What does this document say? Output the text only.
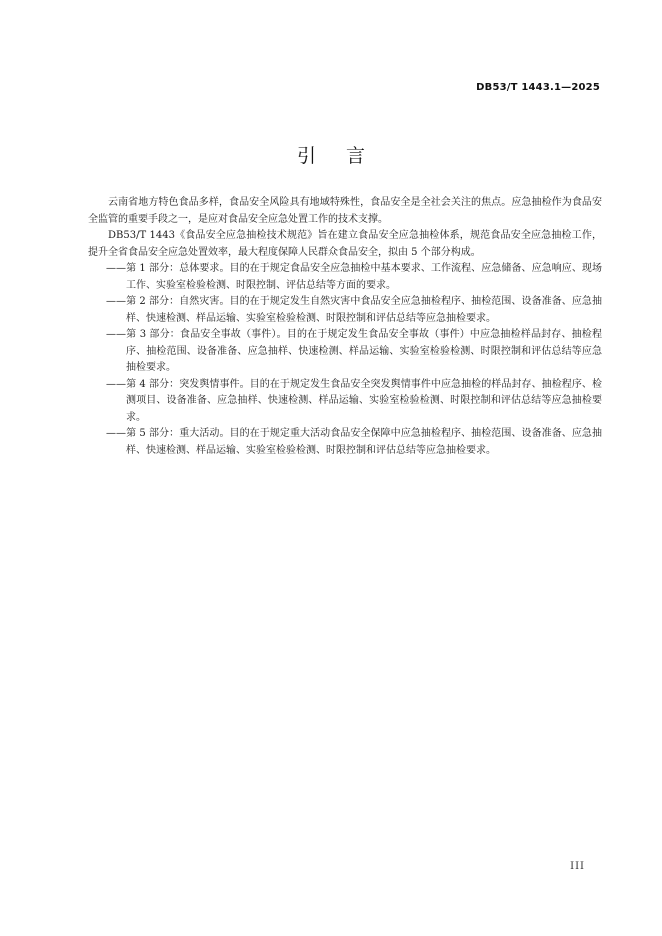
DB53/T 1443.1—2025
引言

云南省地方特色食品多样，食品安全风险具有地域特殊性，食品安全是全社会关注的焦点。应急抽检作为食品安全监管的重要手段之一，是应对食品安全应急处置工作的技术支撑。

DB53/T 1443《食品安全应急抽检技术规范》旨在建立食品安全应急抽检体系，规范食品安全应急抽检工作，提升全省食品安全应急处置效率，最大程度保障人民群众食品安全，拟由 5 个部分构成。

——第 1 部分：总体要求。目的在于规定食品安全应急抽检中基本要求、工作流程、应急储备、应急响应、现场工作、实验室检验检测、时限控制、评估总结等方面的要求。

——第 2 部分：自然灾害。目的在于规定发生自然灾害中食品安全应急抽检程序、抽检范围、设备准备、应急抽样、快速检测、样品运输、实验室检验检测、时限控制和评估总结等应急抽检要求。

——第 3 部分：食品安全事故（事件）。目的在于规定发生食品安全事故（事件）中应急抽检样品封存、抽检程序、抽检范围、设备准备、应急抽样、快速检测、样品运输、实验室检验检测、时限控制和评估总结等应急抽检要求。

——第 4 部分：突发舆情事件。目的在于规定发生食品安全突发舆情事件中应急抽检的样品封存、抽检程序、检测项目、设备准备、应急抽样、快速检测、样品运输、实验室检验检测、时限控制和评估总结等应急抽检要求。

——第 5 部分：重大活动。目的在于规定重大活动食品安全保障中应急抽检程序、抽检范围、设备准备、应急抽样、快速检测、样品运输、实验室检验检测、时限控制和评估总结等应急抽检要求。

III
